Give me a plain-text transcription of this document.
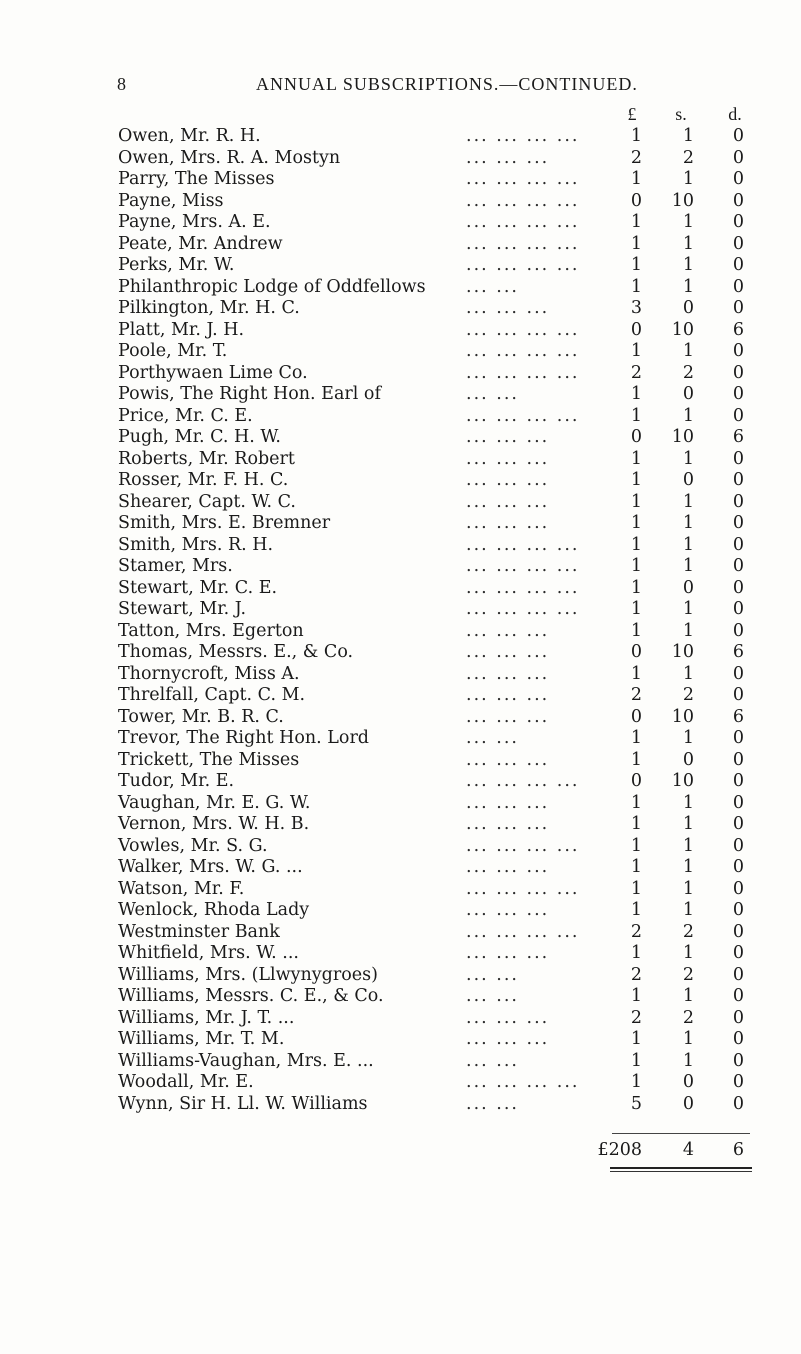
8	ANNUAL SUBSCRIPTIONS.—CONTINUED.
£	s.	d.
Owen, Mr. R. H.	... ... ... ...	1	1	0
Owen, Mrs. R. A. Mostyn	... ... ...	2	2	0
Parry, The Misses	... ... ... ...	1	1	0
Payne, Miss	... ... ... ...	0	10	0
Payne, Mrs. A. E.	... ... ... ...	1	1	0
Peate, Mr. Andrew	... ... ... ...	1	1	0
Perks, Mr. W.	... ... ... ...	1	1	0
Philanthropic Lodge of Oddfellows ... ...	1	1	0
Pilkington, Mr. H. C.	... ... ...	3	0	0
Platt, Mr. J. H.	... ... ... ...	0	10	6
Poole, Mr. T.	... ... ... ...	1	1	0
Porthywaen Lime Co.	... ... ... ...	2	2	0
Powis, The Right Hon. Earl of	... ...	1	0	0
Price, Mr. C. E.	... ... ... ...	1	1	0
Pugh, Mr. C. H. W.	... ... ...	0	10	6
Roberts, Mr. Robert	... ... ...	1	1	0
Rosser, Mr. F. H. C.	... ... ...	1	0	0
Shearer, Capt. W. C.	... ... ...	1	1	0
Smith, Mrs. E. Bremner	... ... ...	1	1	0
Smith, Mrs. R. H.	... ... ... ...	1	1	0
Stamer, Mrs.	... ... ... ...	1	1	0
Stewart, Mr. C. E.	... ... ... ...	1	0	0
Stewart, Mr. J.	... ... ... ...	1	1	0
Tatton, Mrs. Egerton	... ... ...	1	1	0
Thomas, Messrs. E., & Co.	... ... ...	0	10	6
Thornycroft, Miss A.	... ... ...	1	1	0
Threlfall, Capt. C. M.	... ... ...	2	2	0
Tower, Mr. B. R. C.	... ... ...	0	10	6
Trevor, The Right Hon. Lord	... ...	1	1	0
Trickett, The Misses	... ... ...	1	0	0
Tudor, Mr. E.	... ... ... ...	0	10	0
Vaughan, Mr. E. G. W.	... ... ...	1	1	0
Vernon, Mrs. W. H. B.	... ... ...	1	1	0
Vowles, Mr. S. G.	... ... ... ...	1	1	0
Walker, Mrs. W. G. ...	... ... ...	1	1	0
Watson, Mr. F.	... ... ... ...	1	1	0
Wenlock, Rhoda Lady	... ... ...	1	1	0
Westminster Bank	... ... ... ...	2	2	0
Whitfield, Mrs. W. ...	... ... ...	1	1	0
Williams, Mrs. (Llwynygroes)	... ...	2	2	0
Williams, Messrs. C. E., & Co.	... ...	1	1	0
Williams, Mr. J. T. ...	... ... ...	2	2	0
Williams, Mr. T. M.	... ... ...	1	1	0
Williams-Vaughan, Mrs. E. ...	... ...	1	1	0
Woodall, Mr. E.	... ... ... ...	1	0	0
Wynn, Sir H. Ll. W. Williams	... ...	5	0	0
£208	4	6
